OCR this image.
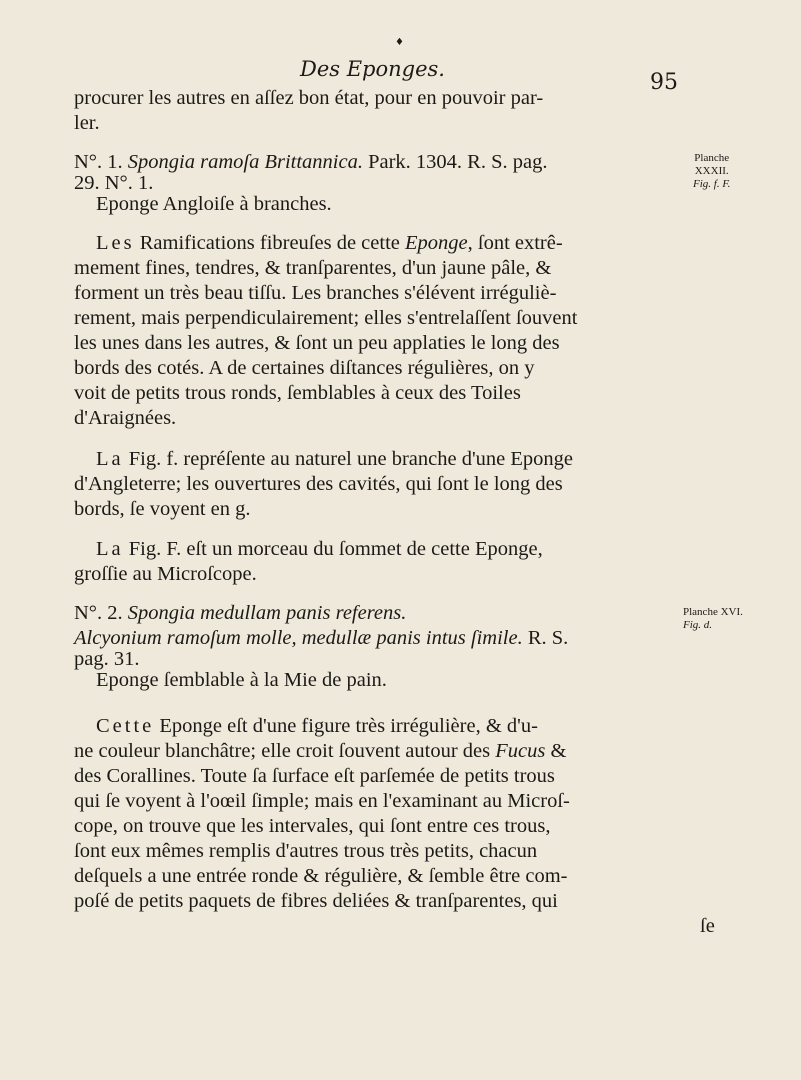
♦
Des Eponges.
95
procurer les autres en aſſez bon état, pour en pouvoir par-
ler.
N°. 1. Spongia ramoſa Brittannica. Park. 1304. R. S. pag.
29. N°. 1.
Eponge Angloiſe à branches.
Les Ramifications fibreuſes de cette Eponge, ſont extrê-
mement fines, tendres, & tranſparentes, d'un jaune pâle, &
forment un très beau tiſſu. Les branches s'élévent irréguliè-
rement, mais perpendiculairement; elles s'entrelaſſent ſouvent
les unes dans les autres, & ſont un peu applaties le long des
bords des cotés. A de certaines diſtances régulières, on y
voit de petits trous ronds, ſemblables à ceux des Toiles
d'Araignées.
La Fig. f. repréſente au naturel une branche d'une Eponge
d'Angleterre; les ouvertures des cavités, qui ſont le long des
bords, ſe voyent en g.
La Fig. F. eſt un morceau du ſommet de cette Eponge,
groſſie au Microſcope.
N°. 2. Spongia medullam panis referens.
Alcyonium ramoſum molle, medullæ panis intus ſimile. R. S.
pag. 31.
Eponge ſemblable à la Mie de pain.
Cette Eponge eſt d'une figure très irrégulière, & d'u-
ne couleur blanchâtre; elle croit ſouvent autour des Fucus &
des Corallines. Toute ſa ſurface eſt parſemée de petits trous
qui ſe voyent à l'oœil ſimple; mais en l'examinant au Microſ-
cope, on trouve que les intervales, qui ſont entre ces trous,
ſont eux mêmes remplis d'autres trous très petits, chacun
deſquels a une entrée ronde & régulière, & ſemble être com-
poſé de petits paquets de fibres deliées & tranſparentes, qui
ſe
Planche
XXXII.
Fig. f. F.
Planche XVI.
Fig. d.
